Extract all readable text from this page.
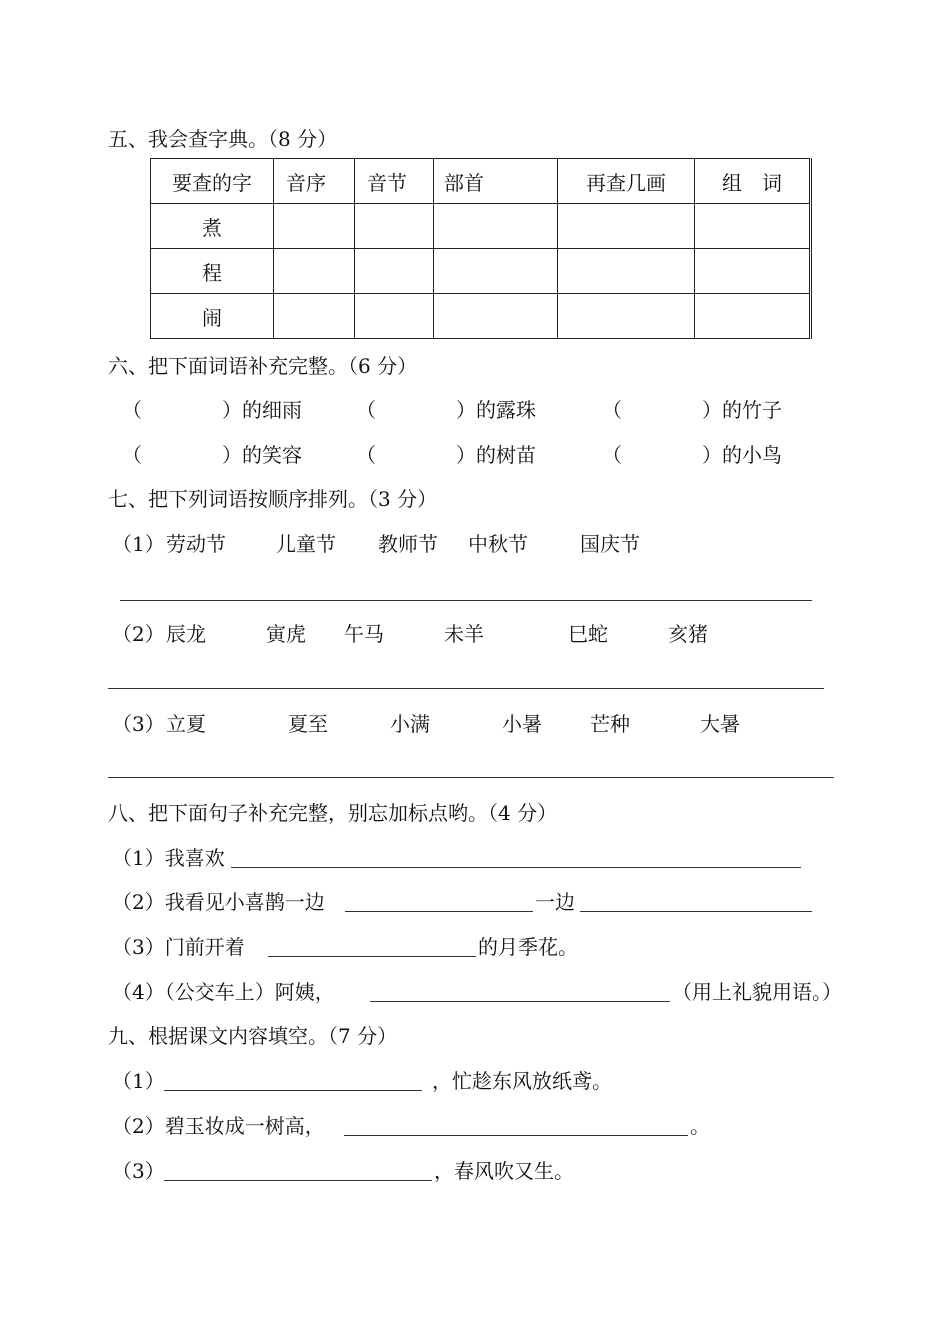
五、我会查字典。（8 分）
要查的字	音序	音节	部首	再查几画	组　词
煮					
程					
闹					
六、把下面词语补充完整。（6 分）
（　　　　）的细雨	（　　　　）的露珠	（　　　　）的竹子
（　　　　）的笑容	（　　　　）的树苗	（　　　　）的小鸟
七、把下列词语按顺序排列。（3 分）
（1） 劳动节	儿童节 教师节 中秋节	国庆节
（2） 辰龙	寅虎 午马	未羊	巳蛇	亥猪
（3） 立夏	夏至	小满	小暑 芒种	大暑
八、把下面句子补充完整，别忘加标点哟。（4 分）
（1）我喜欢
（2）我看见小喜鹊一边	一边
（3）门前开着	的月季花。
（4）（公交车上）阿姨，	（用上礼貌用语。）
九、根据课文内容填空。（7 分）
（1）	，忙趁东风放纸鸢。
（2）碧玉妆成一树高，	。
（3）	，春风吹又生。
